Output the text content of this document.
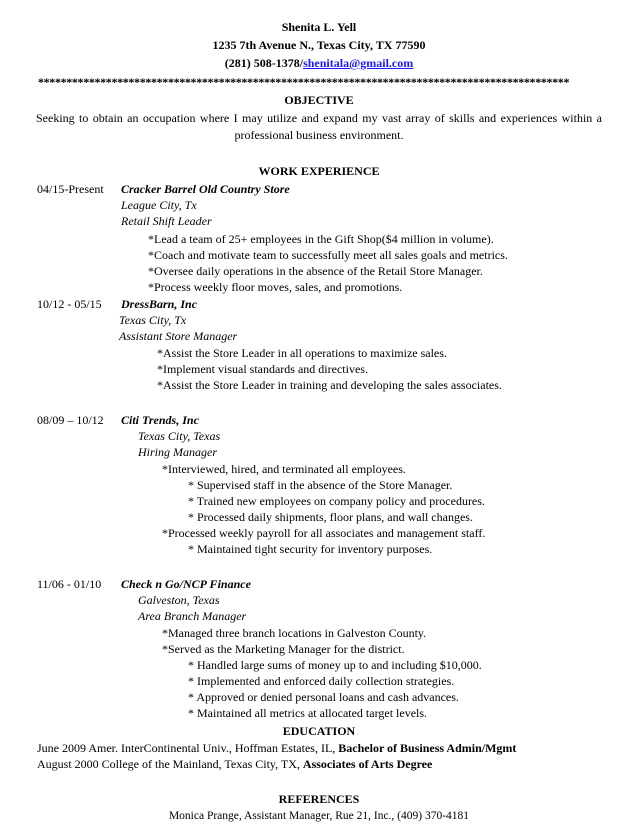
Shenita L. Yell
1235 7th Avenue N., Texas City, TX 77590
(281) 508-1378/shenitala@gmail.com
**********************************************************************************************
OBJECTIVE
Seeking to obtain an occupation where I may utilize and expand my vast array of skills and experiences within a
professional business environment.
WORK EXPERIENCE
04/15-Present Cracker Barrel Old Country Store
League City, Tx
Retail Shift Leader
*Lead a team of 25+ employees in the Gift Shop($4 million in volume).
*Coach and motivate team to successfully meet all sales goals and metrics.
*Oversee daily operations in the absence of the Retail Store Manager.
*Process weekly floor moves, sales, and promotions.
10/12 - 05/15 DressBarn, Inc
Texas City, Tx
Assistant Store Manager
*Assist the Store Leader in all operations to maximize sales.
*Implement visual standards and directives.
*Assist the Store Leader in training and developing the sales associates.
08/09 – 10/12 Citi Trends, Inc
Texas City, Texas
Hiring Manager
*Interviewed, hired, and terminated all employees.
* Supervised staff in the absence of the Store Manager.
* Trained new employees on company policy and procedures.
* Processed daily shipments, floor plans, and wall changes.
*Processed weekly payroll for all associates and management staff.
* Maintained tight security for inventory purposes.
11/06 - 01/10 Check n Go/NCP Finance
Galveston, Texas
Area Branch Manager
*Managed three branch locations in Galveston County.
*Served as the Marketing Manager for the district.
* Handled large sums of money up to and including $10,000.
* Implemented and enforced daily collection strategies.
* Approved or denied personal loans and cash advances.
* Maintained all metrics at allocated target levels.
EDUCATION
June 2009 Amer. InterContinental Univ., Hoffman Estates, IL, Bachelor of Business Admin/Mgmt
August 2000 College of the Mainland, Texas City, TX, Associates of Arts Degree
REFERENCES
Monica Prange, Assistant Manager, Rue 21, Inc., (409) 370-4181
